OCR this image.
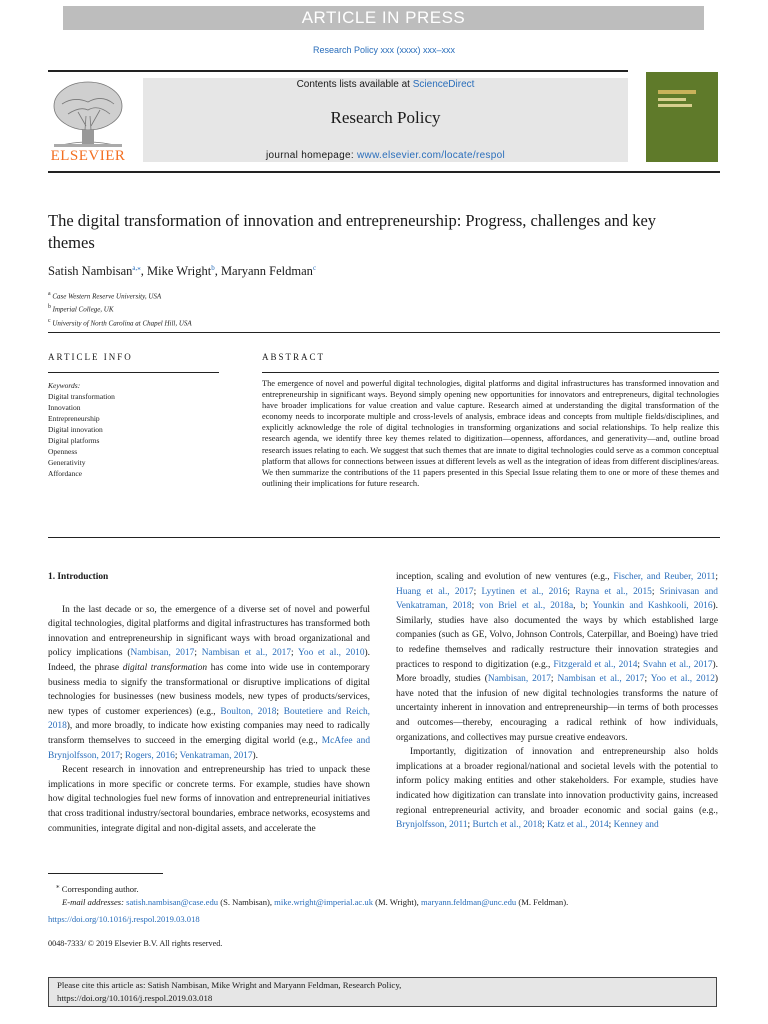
ARTICLE IN PRESS
Research Policy xxx (xxxx) xxx–xxx
ELSEVIER
Contents lists available at ScienceDirect
Research Policy
journal homepage: www.elsevier.com/locate/respol
The digital transformation of innovation and entrepreneurship: Progress, challenges and key themes
Satish Nambisan$^{a,⁎}$, Mike Wright$^b$, Maryann Feldman$^c$
$^a$ Case Western Reserve University, USA
$^b$ Imperial College, UK
$^c$ University of North Carolina at Chapel Hill, USA
ARTICLE INFO
Keywords:
Digital transformation
Innovation
Entrepreneurship
Digital innovation
Digital platforms
Openness
Generativity
Affordance
ABSTRACT
The emergence of novel and powerful digital technologies, digital platforms and digital infrastructures has transformed innovation and entrepreneurship in significant ways. Beyond simply opening new opportunities for innovators and entrepreneurs, digital technologies have broader implications for value creation and value capture. Research aimed at understanding the digital transformation of the economy needs to incorporate multiple and cross-levels of analysis, embrace ideas and concepts from multiple fields/disciplines, and explicitly acknowledge the role of digital technologies in transforming organizations and social relationships. To help realize this research agenda, we identify three key themes related to digitization—openness, affordances, and generativity—and, outline broad research issues relating to each. We suggest that such themes that are innate to digital technologies could serve as a common conceptual platform that allows for connections between issues at different levels as well as the integration of ideas from different disciplines/areas. We then summarize the contributions of the 11 papers presented in this Special Issue relating them to one or more of these themes and outlining their implications for future research.

1. Introduction

In the last decade or so, the emergence of a diverse set of novel and powerful digital technologies, digital platforms and digital infrastructures has transformed both innovation and entrepreneurship in significant ways with broad organizational and policy implications (Nambisan, 2017; Nambisan et al., 2017; Yoo et al., 2010). Indeed, the phrase digital transformation has come into wide use in contemporary business media to signify the transformational or disruptive implications of digital technologies for businesses (new business models, new types of products/services, new types of customer experiences) (e.g., Boulton, 2018; Boutetiere and Reich, 2018), and more broadly, to indicate how existing companies may need to radically transform themselves to succeed in the emerging digital world (e.g., McAfee and Brynjolfsson, 2017; Rogers, 2016; Venkatraman, 2017).

Recent research in innovation and entrepreneurship has tried to unpack these implications in more specific or concrete terms. For example, studies have shown how digital technologies fuel new forms of innovation and entrepreneurial initiatives that cross traditional industry/sectoral boundaries, embrace networks, ecosystems and communities, integrate digital and non-digital assets, and accelerate the

inception, scaling and evolution of new ventures (e.g., Fischer, and Reuber, 2011; Huang et al., 2017; Lyytinen et al., 2016; Rayna et al., 2015; Srinivasan and Venkatraman, 2018; von Briel et al., 2018a, b; Younkin and Kashkooli, 2016). Similarly, studies have also documented the ways by which established large companies (such as GE, Volvo, Johnson Controls, Caterpillar, and Boeing) have tried to redefine themselves and radically restructure their innovation strategies and practices to respond to digitization (e.g., Fitzgerald et al., 2014; Svahn et al., 2017). More broadly, studies (Nambisan, 2017; Nambisan et al., 2017; Yoo et al., 2012) have noted that the infusion of new digital technologies transforms the nature of uncertainty inherent in innovation and entrepreneurship—in terms of both processes and outcomes—thereby, encouraging a radical rethink of how individuals, organizations, and collectives may pursue creative endeavors.

Importantly, digitization of innovation and entrepreneurship also holds implications at a broader regional/national and societal levels with the potential to inform policy making entities and other stakeholders. For example, studies have indicated how digitization can translate into innovation productivity gains, increased regional entrepreneurial activity, and broader economic and social gains (e.g., Brynjolfsson, 2011; Burtch et al., 2018; Katz et al., 2014; Kenney and

⁎ Corresponding author.
E-mail addresses: satish.nambisan@case.edu (S. Nambisan), mike.wright@imperial.ac.uk (M. Wright), maryann.feldman@unc.edu (M. Feldman).
https://doi.org/10.1016/j.respol.2019.03.018
0048-7333/ © 2019 Elsevier B.V. All rights reserved.
Please cite this article as: Satish Nambisan, Mike Wright and Maryann Feldman, Research Policy,
https://doi.org/10.1016/j.respol.2019.03.018
